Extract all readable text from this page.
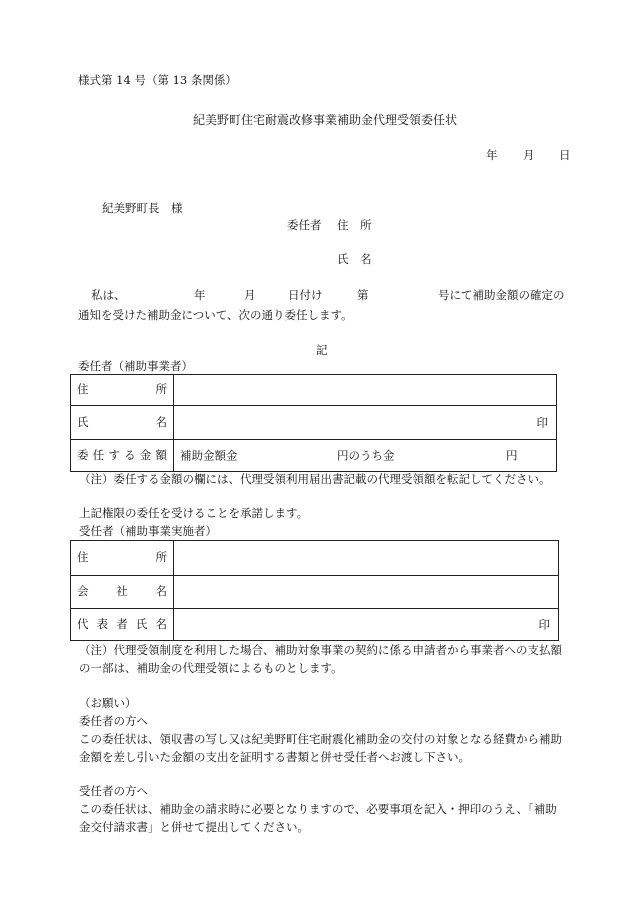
様式第 14 号（第 13 条関係）
紀美野町住宅耐震改修事業補助金代理受領委任状
年 月 日
紀美野町長　様
委任者 住　所
氏　名
私は、	年	月	日付け	第	号にて補助金額の確定の
通知を受けた補助金について、次の通り委任します。
記
委任者（補助事業者）
住所	
氏名	印

委任する金額	補助金額金 円のうち金 円
（注）委任する金額の欄には、代理受領利用届出書記載の代理受領額を転記してください。
上記権限の委任を受けることを承諾します。
受任者（補助事業実施者）
住所	
会社名	
代表者氏名	印
（注）代理受領制度を利用した場合、補助対象事業の契約に係る申請者から事業者への支払額
の一部は、補助金の代理受領によるものとします。
（お願い）
委任者の方へ
この委任状は、領収書の写し又は紀美野町住宅耐震化補助金の交付の対象となる経費から補助
金額を差し引いた金額の支出を証明する書類と併せ受任者へお渡し下さい。
受任者の方へ
この委任状は、補助金の請求時に必要となりますので、必要事項を記入・押印のうえ、「補助
金交付請求書」と併せて提出してください。
